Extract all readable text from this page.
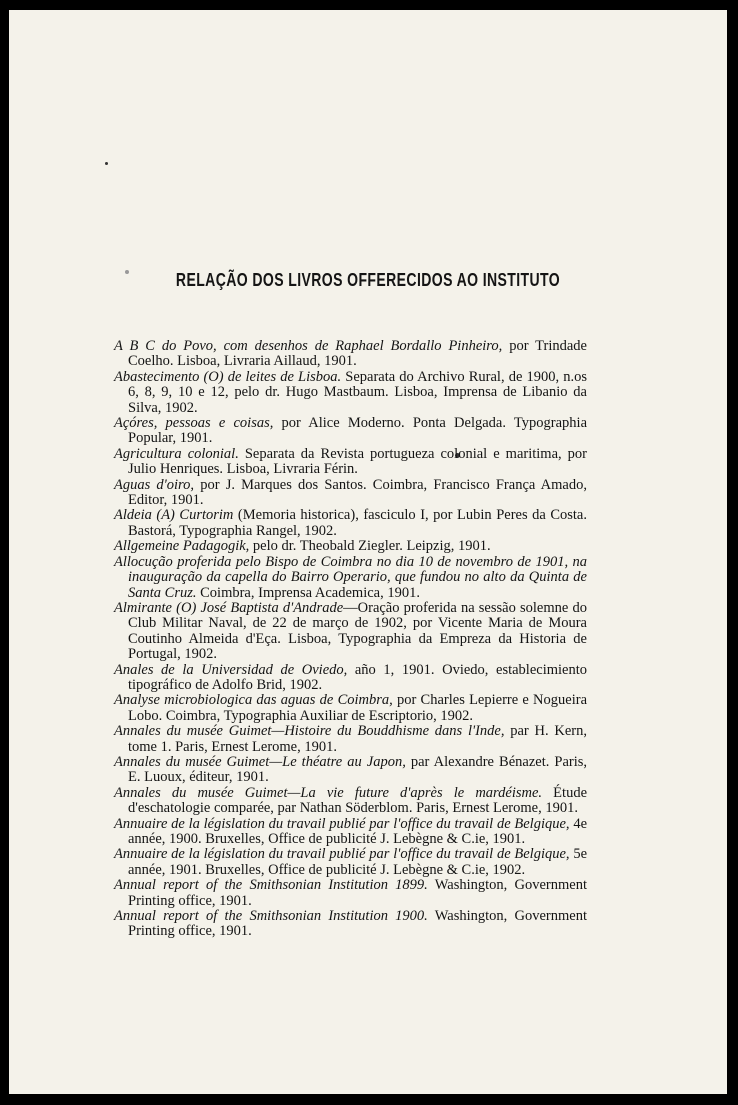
RELAÇÃO DOS LIVROS OFFERECIDOS AO INSTITUTO
A B C do Povo, com desenhos de Raphael Bordallo Pinheiro, por Trindade Coelho. Lisboa, Livraria Aillaud, 1901.
Abastecimento (O) de leites de Lisboa. Separata do Archivo Rural, de 1900, n.os 6, 8, 9, 10 e 12, pelo dr. Hugo Mastbaum. Lisboa, Imprensa de Libanio da Silva, 1902.
Açóres, pessoas e coisas, por Alice Moderno. Ponta Delgada. Typographia Popular, 1901.
Agricultura colonial. Separata da Revista portugueza colonial e maritima, por Julio Henriques. Lisboa, Livraria Férin.
Aguas d'oiro, por J. Marques dos Santos. Coimbra, Francisco França Amado, Editor, 1901.
Aldeia (A) Curtorim (Memoria historica), fasciculo I, por Lubin Peres da Costa. Bastorá, Typographia Rangel, 1902.
Allgemeine Padagogik, pelo dr. Theobald Ziegler. Leipzig, 1901.
Allocução proferida pelo Bispo de Coimbra no dia 10 de novembro de 1901, na inauguração da capella do Bairro Operario, que fundou no alto da Quinta de Santa Cruz. Coimbra, Imprensa Academica, 1901.
Almirante (O) José Baptista d'Andrade—Oração proferida na sessão solemne do Club Militar Naval, de 22 de março de 1902, por Vicente Maria de Moura Coutinho Almeida d'Eça. Lisboa, Typographia da Empreza da Historia de Portugal, 1902.
Anales de la Universidad de Oviedo, año 1, 1901. Oviedo, establecimiento tipográfico de Adolfo Brid, 1902.
Analyse microbiologica das aguas de Coimbra, por Charles Lepierre e Nogueira Lobo. Coimbra, Typographia Auxiliar de Escriptorio, 1902.
Annales du musée Guimet—Histoire du Bouddhisme dans l'Inde, par H. Kern, tome 1. Paris, Ernest Lerome, 1901.
Annales du musée Guimet—Le théatre au Japon, par Alexandre Bénazet. Paris, E. Luoux, éditeur, 1901.
Annales du musée Guimet—La vie future d'après le mardéisme. Étude d'eschatologie comparée, par Nathan Söderblom. Paris, Ernest Lerome, 1901.
Annuaire de la législation du travail publié par l'office du travail de Belgique, 4e année, 1900. Bruxelles, Office de publicité J. Lebègne & C.ie, 1901.
Annuaire de la législation du travail publié par l'office du travail de Belgique, 5e année, 1901. Bruxelles, Office de publicité J. Lebègne & C.ie, 1902.
Annual report of the Smithsonian Institution 1899. Washington, Government Printing office, 1901.
Annual report of the Smithsonian Institution 1900. Washington, Government Printing office, 1901.
